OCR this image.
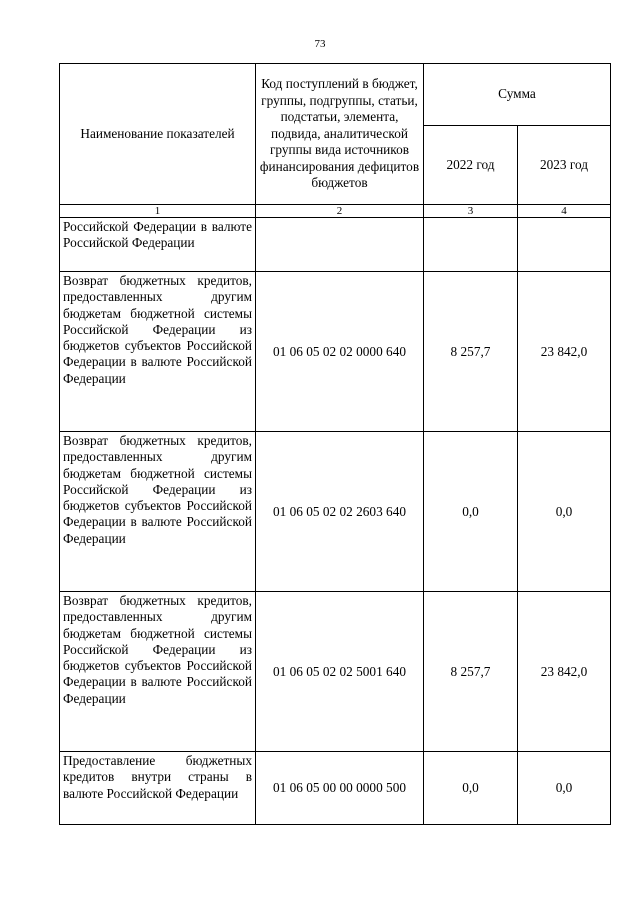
73
Наименование показателей	Код поступлений в бюджет, группы, подгруппы, статьи, подстатьи, элемента, подвида, аналитической группы вида источников финансирования дефицитов бюджетов	Сумма	
		2022 год	2023 год
1	2	3	4
Российской Федерации в валюте Российской Федерации			
Возврат бюджетных кредитов, предоставленных другим бюджетам бюджетной системы Российской Федерации из бюджетов субъектов Российской Федерации в валюте Российской Федерации	01 06 05 02 02 0000 640	8 257,7	23 842,0
Возврат бюджетных кредитов, предоставленных другим бюджетам бюджетной системы Российской Федерации из бюджетов субъектов Российской Федерации в валюте Российской Федерации	01 06 05 02 02 2603 640	0,0	0,0
Возврат бюджетных кредитов, предоставленных другим бюджетам бюджетной системы Российской Федерации из бюджетов субъектов Российской Федерации в валюте Российской Федерации	01 06 05 02 02 5001 640	8 257,7	23 842,0
Предоставление бюджетных кредитов внутри страны в валюте Российской Федерации	01 06 05 00 00 0000 500	0,0	0,0
